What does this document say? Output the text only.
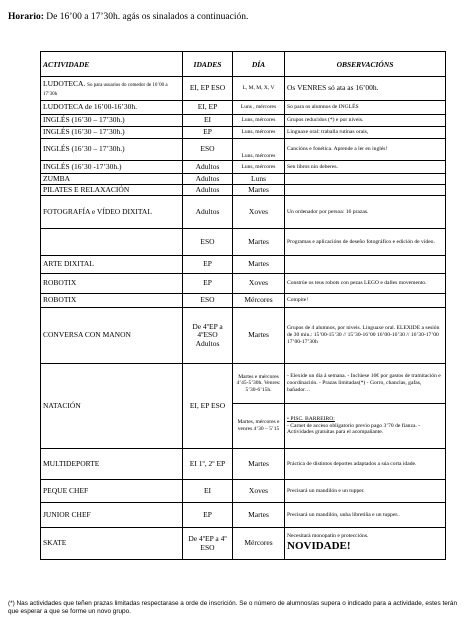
Horario: De 16’00 a 17’30h. agás os sinalados a continuación.
ACTIVIDADE	IDADES	DÍA	OBSERVACIÓNS
LUDOTECA. So para usuarios do comedor de 16’00 a 17’30h	EI, EP ESO	L, M, M, X, V	Os VENRES só ata as 16’00h.
LUDOTECA de 16’00-16’30h.	EI, EP	Luns , mércores	So para os alumnos de INGLÉS
INGLÉS (16’30 – 17’30h.)	EI	Luns, mércores	Grupos reducidos (*) e por niveis.
INGLÉS (16’30 – 17’30h.)	EP	Luns, mércores	Linguaxe oral: traballa rutinas orais,
INGLÉS (16’30 – 17’30h.)	ESO	Luns, mércores	Cancións e fonética. Aprende a ler en inglés!
INGLÉS (16’30 -17’30h.)	Adultos	Luns, mércores	Sen libros nin deberes.
ZUMBA	Adultos	Luns	
PILATES E RELAXACIÓN	Adultos	Martes	
FOTOGRAFÍA e VÍDEO DIXITAL	Adultos	Xoves	Un ordenador por persoa: 16 prazas.
	ESO	Martes	Programas e aplicacións de deseño fotográfico e edición de vídeo.
ARTE DIXITAL	EP	Martes	
ROBOTIX	EP	Xoves	Constrúe os teus robots con pezas LEGO e dalles movemento.
ROBOTIX	ESO	Mércores	Compite!
CONVERSA CON MANON	De 4ºEP a 4ºESO Adultos	Martes	Grupos de 4 alumnos, por niveis. Linguaxe oral. ELEXIDE a sesión de 30 min.: 15’00-15’30 // 15’30-16’00 16’00-16’30 // 16’30-17’00 17’00-17’30h
NATACIÓN	EI, EP ESO	Martes e mércores 4’45-5’30h. Venres: 5’30-6’15h.	- Elexide un día á semana. - Inclúese 16€ por gastos de tramitación e coordinación. - Prazas limitadas(*) - Gorro, chanclas, gafas, bañador…
		Martes, mércores e venres 4’30 – 5’15	• PISC. BARREIRO:
- Carnet de acceso obligatorio previo pago 3’70 de fianza. - Actividades gratuitas para el acompañante.
MULTIDEPORTE	EI 1º, 2º EP	Martes	Práctica de distintos deportes adaptados a súa corta idade.
PEQUE CHEF	EI	Xoves	Precisará un mandilón e un tupper.
JUNIOR CHEF	EP	Martes	Precisará un mandilón, unha libretiña e un tupper..
SKATE	De 4ºEP a 4º ESO	Mércores	Necesitará monopatín e proteccións.
NOVIDADE!
(*) Nas actividades que teñen prazas limitadas respectarase a orde de inscrición. Se o número de alumnos/as supera o indicado para a actividade, estes terán que esperar a que se forme un novo grupo.
